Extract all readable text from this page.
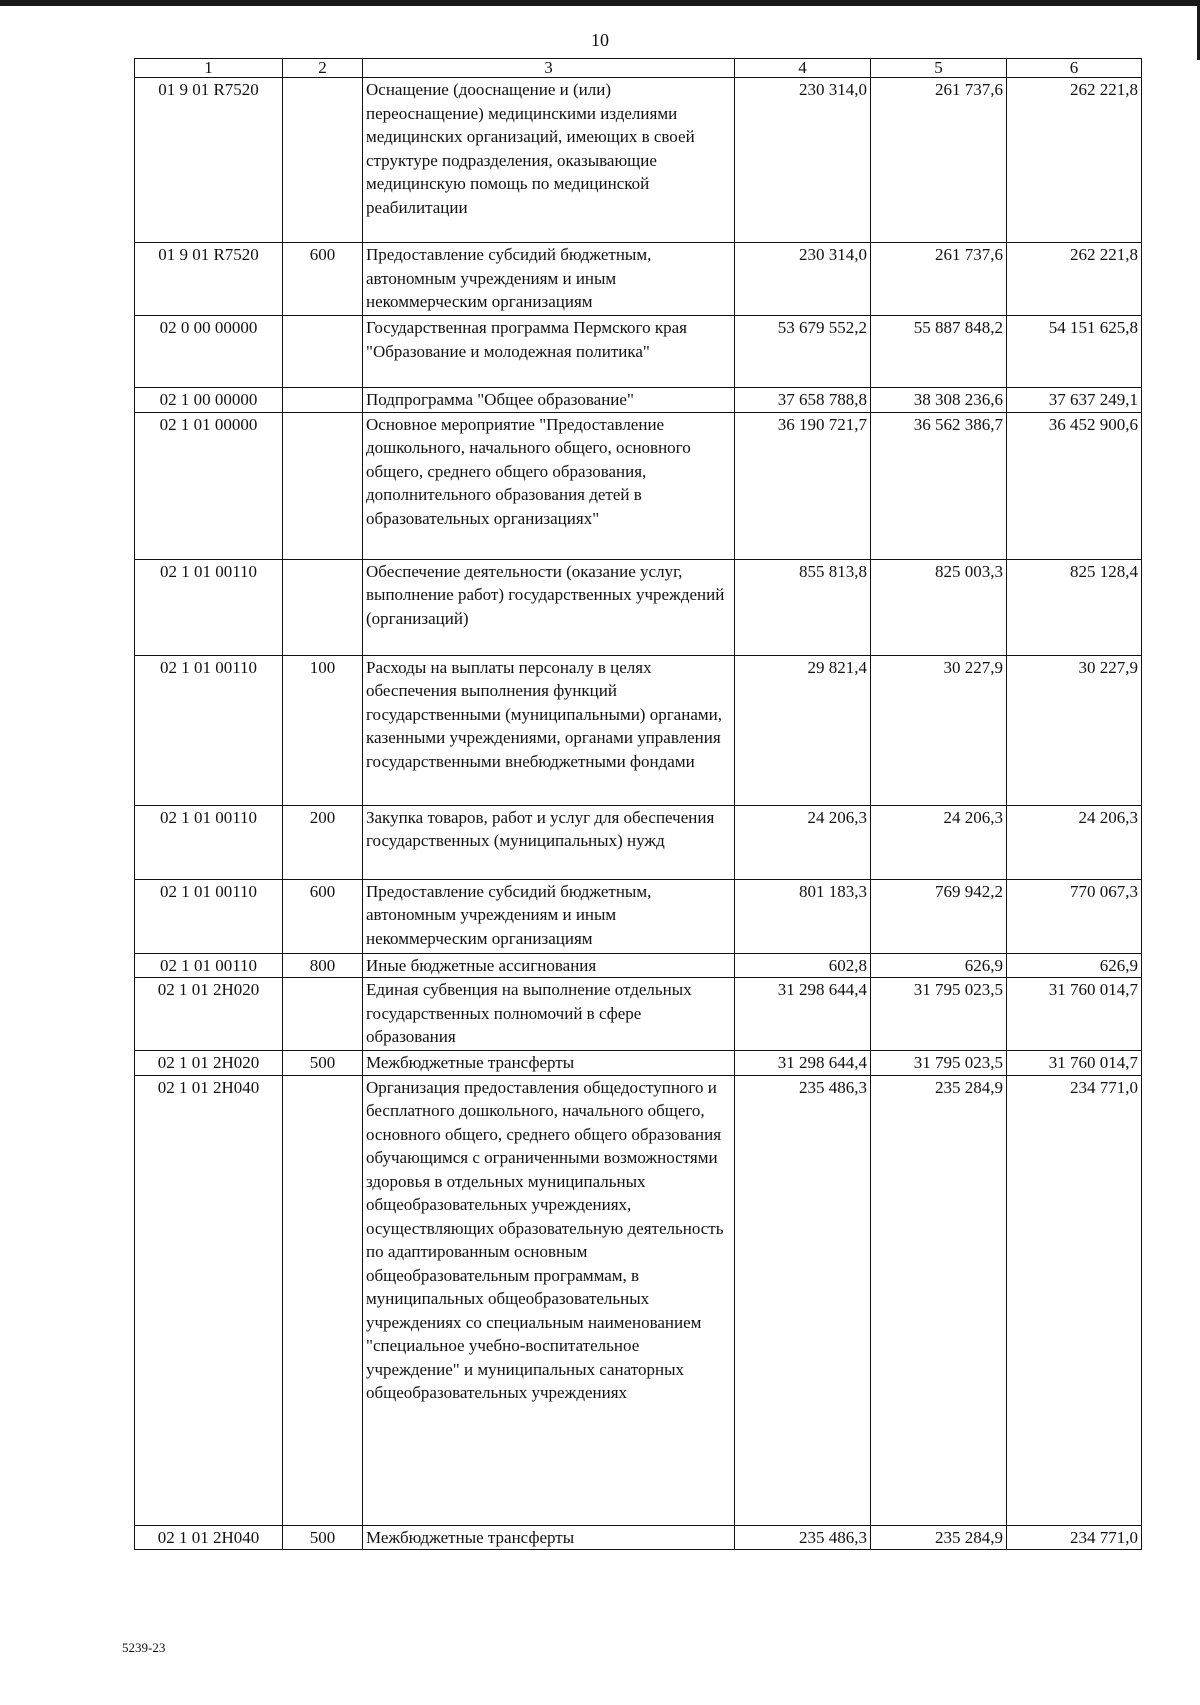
10
1	2	3	4	5	6
01 9 01 R7520		Оснащение (дооснащение и (или) переоснащение) медицинскими изделиями медицинских организаций, имеющих в своей структуре подразделения, оказывающие медицинскую помощь по медицинской реабилитации	230 314,0	261 737,6	262 221,8
01 9 01 R7520	600	Предоставление субсидий бюджетным, автономным учреждениям и иным некоммерческим организациям	230 314,0	261 737,6	262 221,8
02 0 00 00000		Государственная программа Пермского края "Образование и молодежная политика"	53 679 552,2	55 887 848,2	54 151 625,8
02 1 00 00000		Подпрограмма "Общее образование"	37 658 788,8	38 308 236,6	37 637 249,1
02 1 01 00000		Основное мероприятие "Предоставление дошкольного, начального общего, основного общего, среднего общего образования, дополнительного образования детей в образовательных организациях"	36 190 721,7	36 562 386,7	36 452 900,6
02 1 01 00110		Обеспечение деятельности (оказание услуг, выполнение работ) государственных учреждений (организаций)	855 813,8	825 003,3	825 128,4
02 1 01 00110	100	Расходы на выплаты персоналу в целях обеспечения выполнения функций государственными (муниципальными) органами, казенными учреждениями, органами управления государственными внебюджетными фондами	29 821,4	30 227,9	30 227,9
02 1 01 00110	200	Закупка товаров, работ и услуг для обеспечения государственных (муниципальных) нужд	24 206,3	24 206,3	24 206,3
02 1 01 00110	600	Предоставление субсидий бюджетным, автономным учреждениям и иным некоммерческим организациям	801 183,3	769 942,2	770 067,3
02 1 01 00110	800	Иные бюджетные ассигнования	602,8	626,9	626,9
02 1 01 2H020		Единая субвенция на выполнение отдельных государственных полномочий в сфере образования	31 298 644,4	31 795 023,5	31 760 014,7
02 1 01 2H020	500	Межбюджетные трансферты	31 298 644,4	31 795 023,5	31 760 014,7
02 1 01 2H040		Организация предоставления общедоступного и бесплатного дошкольного, начального общего, основного общего, среднего общего образования обучающимся с ограниченными возможностями здоровья в отдельных муниципальных общеобразовательных учреждениях, осуществляющих образовательную деятельность по адаптированным основным общеобразовательным программам, в муниципальных общеобразовательных учреждениях со специальным наименованием "специальное учебно-воспитательное учреждение" и муниципальных санаторных общеобразовательных учреждениях	235 486,3	235 284,9	234 771,0
02 1 01 2H040	500	Межбюджетные трансферты	235 486,3	235 284,9	234 771,0
5239-23
